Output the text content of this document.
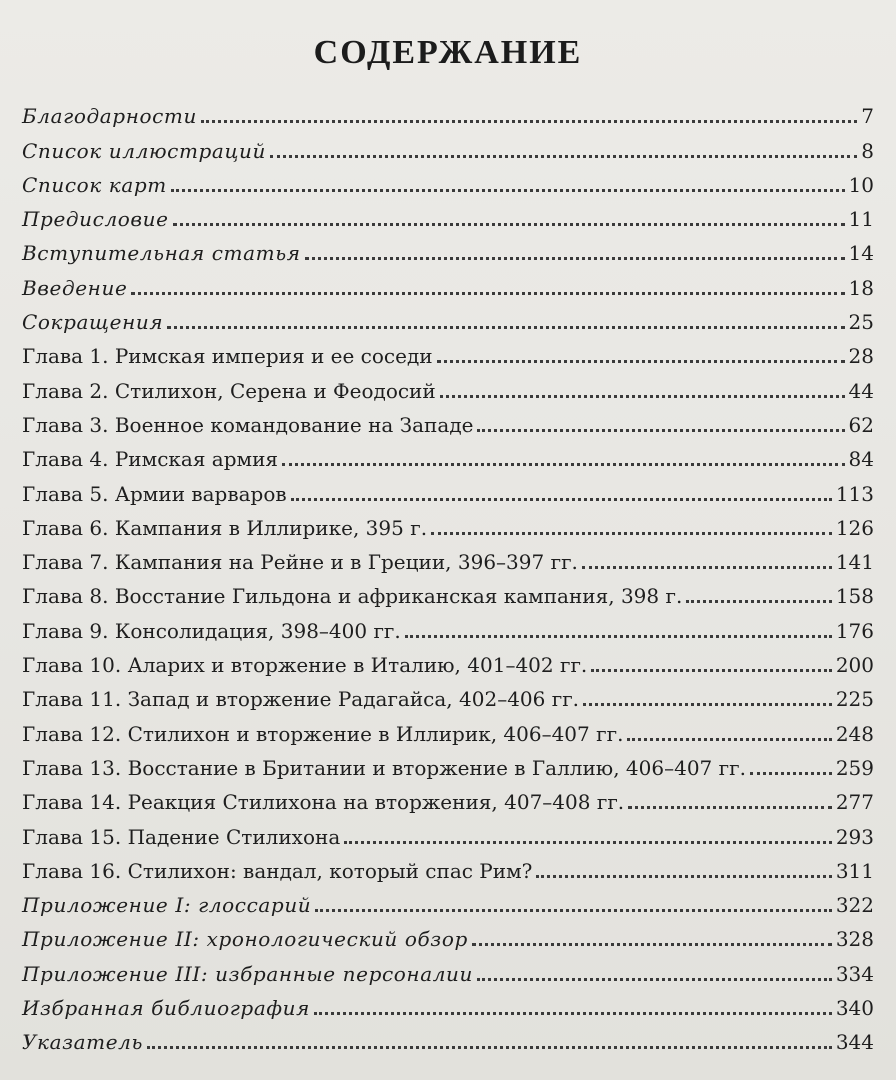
СОДЕРЖАНИЕ
Благодарности	7
Список иллюстраций	8
Список карт	10
Предисловие	11
Вступительная статья	14
Введение	18
Сокращения	25
Глава 1. Римская империя и ее соседи	28
Глава 2. Стилихон, Серена и Феодосий	44
Глава 3. Военное командование на Западе	62
Глава 4. Римская армия	84
Глава 5. Армии варваров	113
Глава 6. Кампания в Иллирике, 395 г.	126
Глава 7. Кампания на Рейне и в Греции, 396–397 гг.	141
Глава 8. Восстание Гильдона и африканская кампания, 398 г.	158
Глава 9. Консолидация, 398–400 гг.	176
Глава 10. Аларих и вторжение в Италию, 401–402 гг.	200
Глава 11. Запад и вторжение Радагайса, 402–406 гг.	225
Глава 12. Стилихон и вторжение в Иллирик, 406–407 гг.	248
Глава 13. Восстание в Британии и вторжение в Галлию, 406–407 гг.	259
Глава 14. Реакция Стилихона на вторжения, 407–408 гг.	277
Глава 15. Падение Стилихона	293
Глава 16. Стилихон: вандал, который спас Рим?	311
Приложение I: глоссарий	322
Приложение II: хронологический обзор	328
Приложение III: избранные персоналии	334
Избранная библиография	340
Указатель	344
